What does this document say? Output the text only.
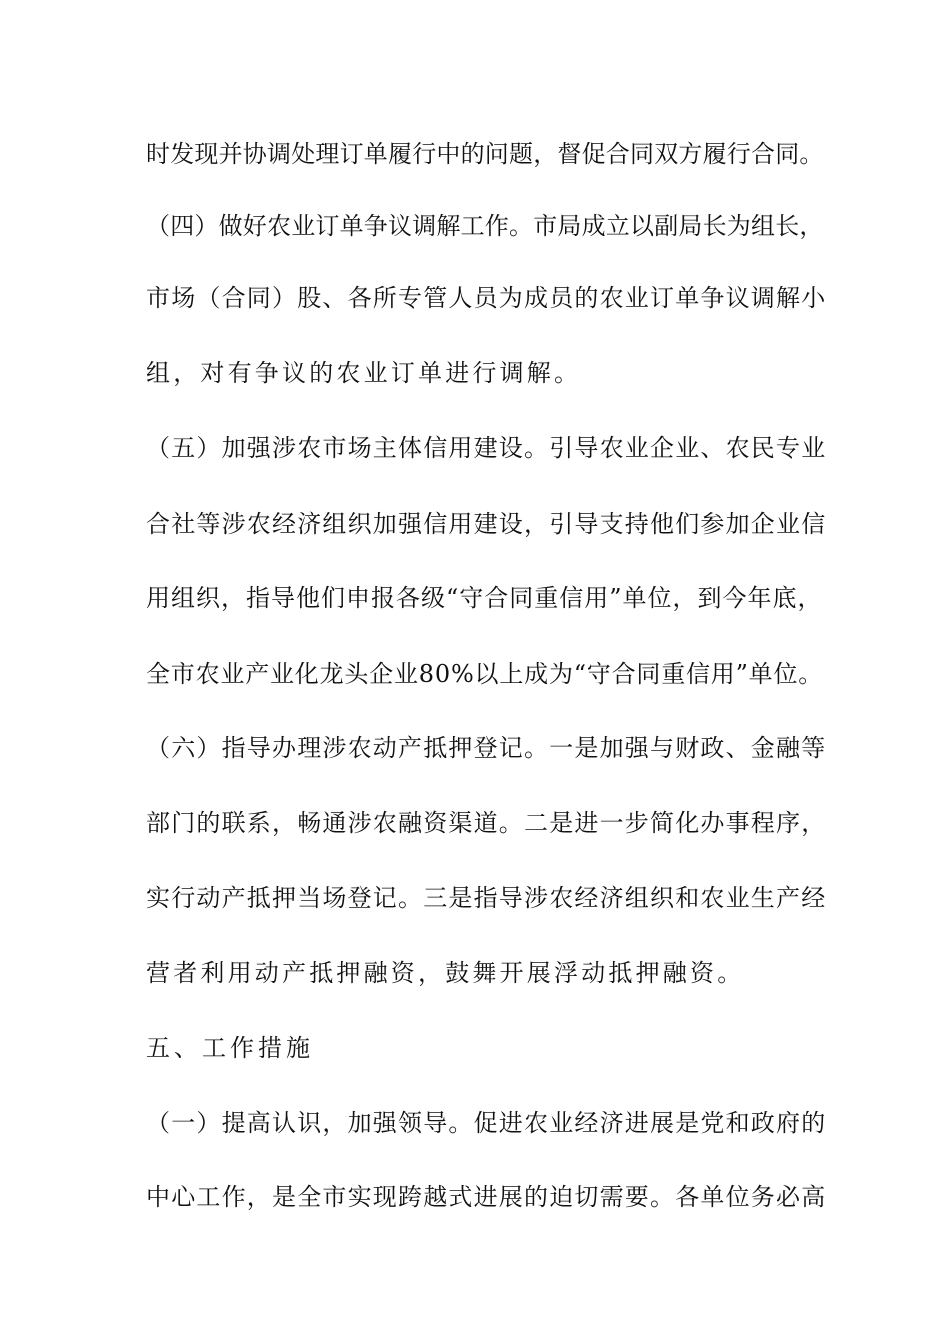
时发现并协调处理订单履行中的问题，督促合同双方履行合同。
（四）做好农业订单争议调解工作。市局成立以副局长为组长，
市场（合同）股、各所专管人员为成员的农业订单争议调解小
组，对有争议的农业订单进行调解。
（五）加强涉农市场主体信用建设。引导农业企业、农民专业
合社等涉农经济组织加强信用建设，引导支持他们参加企业信
用组织，指导他们申报各级“守合同重信用”单位，到今年底，
全市农业产业化龙头企业80%以上成为“守合同重信用”单位。
（六）指导办理涉农动产抵押登记。一是加强与财政、金融等
部门的联系，畅通涉农融资渠道。二是进一步简化办事程序，
实行动产抵押当场登记。三是指导涉农经济组织和农业生产经
营者利用动产抵押融资，鼓舞开展浮动抵押融资。
五、工作措施
（一）提高认识，加强领导。促进农业经济进展是党和政府的
中心工作，是全市实现跨越式进展的迫切需要。各单位务必高
